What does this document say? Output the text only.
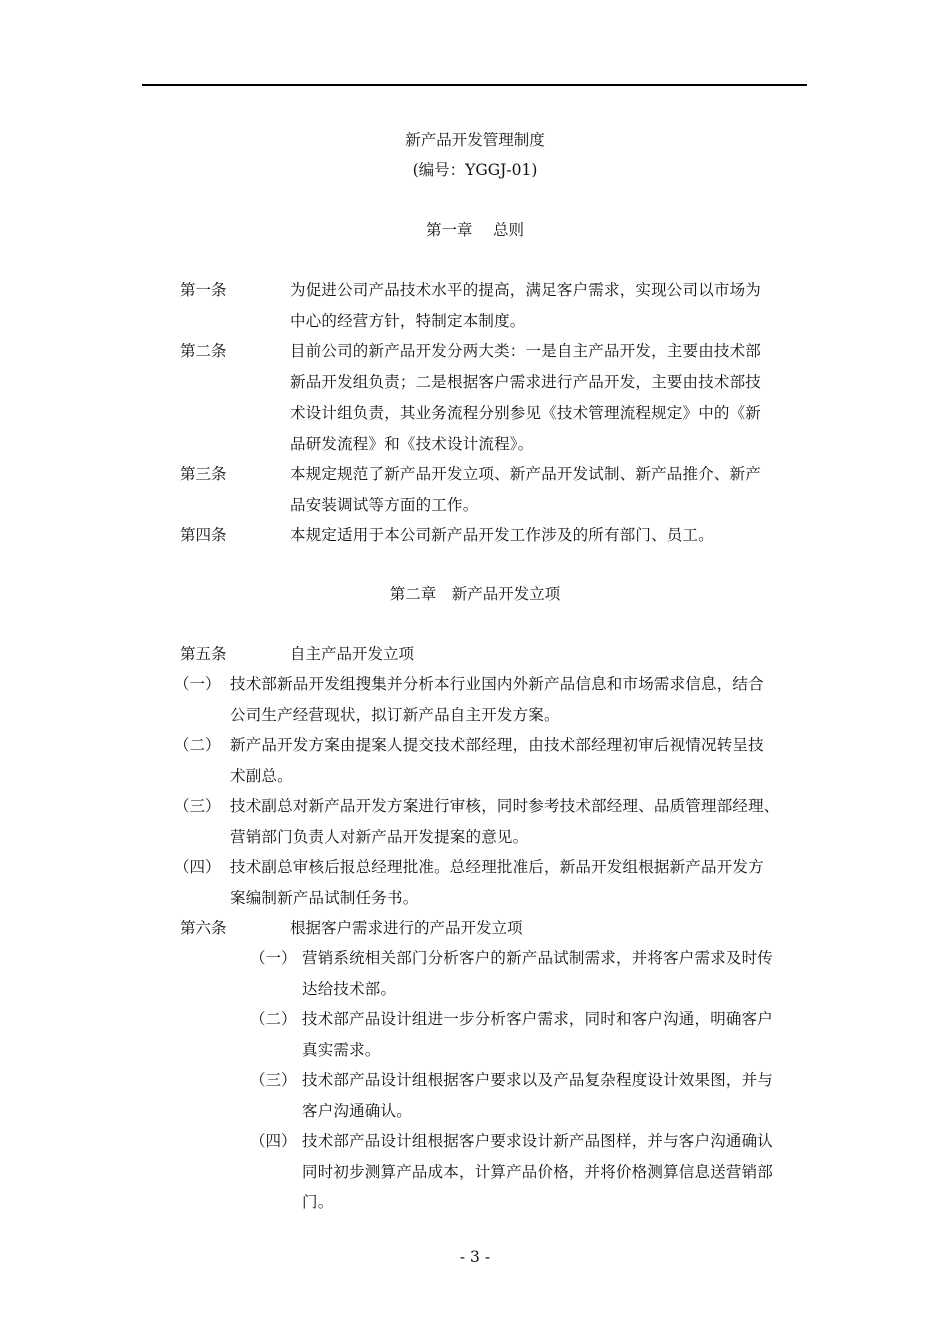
新产品开发管理制度
(编号：YGGJ-01)
第一章　 总则
第一条	为促进公司产品技术水平的提高，满足客户需求，实现公司以市场为
中心的经营方针，特制定本制度。
第二条	目前公司的新产品开发分两大类：一是自主产品开发，主要由技术部
新品开发组负责；二是根据客户需求进行产品开发，主要由技术部技
术设计组负责，其业务流程分别参见《技术管理流程规定》中的《新
品研发流程》和《技术设计流程》。
第三条	本规定规范了新产品开发立项、新产品开发试制、新产品推介、新产
品安装调试等方面的工作。
第四条	本规定适用于本公司新产品开发工作涉及的所有部门、员工。
第二章　新产品开发立项
第五条	自主产品开发立项
（一） 技术部新品开发组搜集并分析本行业国内外新产品信息和市场需求信息，结合
公司生产经营现状，拟订新产品自主开发方案。
（二） 新产品开发方案由提案人提交技术部经理，由技术部经理初审后视情况转呈技
术副总。
（三） 技术副总对新产品开发方案进行审核，同时参考技术部经理、品质管理部经理、
营销部门负责人对新产品开发提案的意见。
（四） 技术副总审核后报总经理批准。总经理批准后，新品开发组根据新产品开发方
案编制新产品试制任务书。
第六条	根据客户需求进行的产品开发立项
（一） 营销系统相关部门分析客户的新产品试制需求，并将客户需求及时传
达给技术部。
（二） 技术部产品设计组进一步分析客户需求，同时和客户沟通，明确客户
真实需求。
（三） 技术部产品设计组根据客户要求以及产品复杂程度设计效果图，并与
客户沟通确认。
（四） 技术部产品设计组根据客户要求设计新产品图样，并与客户沟通确认
同时初步测算产品成本，计算产品价格，并将价格测算信息送营销部
门。
- 3 -
